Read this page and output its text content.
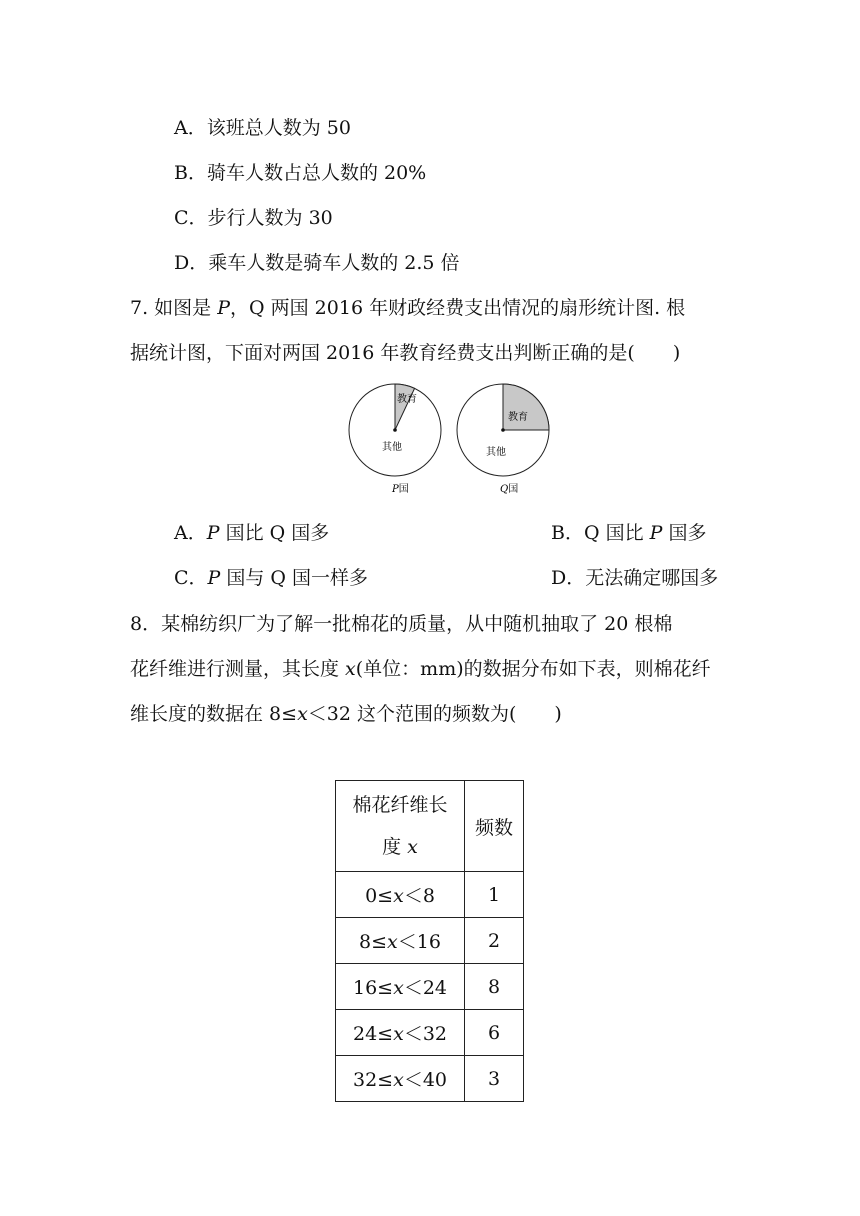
A．该班总人数为 50
B．骑车人数占总人数的 20%
C．步行人数为 30
D．乘车人数是骑车人数的 2.5 倍
7. 如图是 P，Q 两国 2016 年财政经费支出情况的扇形统计图. 根
据统计图，下面对两国 2016 年教育经费支出判断正确的是(　　)
教育
其他
P国
教育
其他
Q国
A．P 国比 Q 国多	B．Q 国比 P 国多
C．P 国与 Q 国一样多	D．无法确定哪国多
8．某棉纺织厂为了解一批棉花的质量，从中随机抽取了 20 根棉
花纤维进行测量，其长度 x(单位：mm)的数据分布如下表，则棉花纤
维长度的数据在 8≤x＜32 这个范围的频数为(　　)
棉花纤维长
度 x	频数
0≤x＜8	1
8≤x＜16	2
16≤x＜24	8
24≤x＜32	6
32≤x＜40	3
